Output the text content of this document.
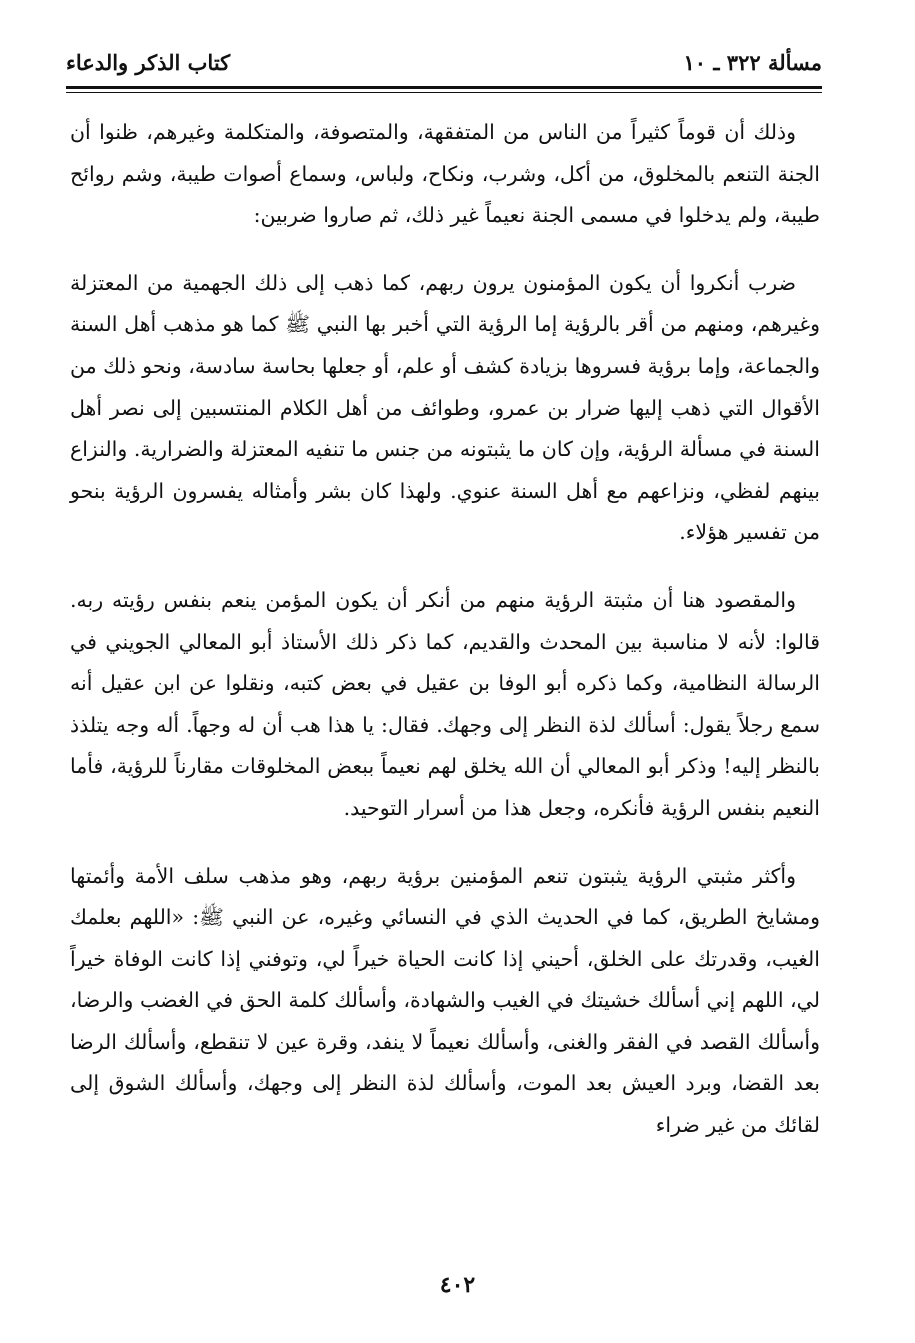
كتاب الذكر والدعاء	مسألة ٣٢٢ ـ ١٠

وذلك أن قوماً كثيراً من الناس من المتفقهة، والمتصوفة، والمتكلمة وغيرهم، ظنوا أن الجنة التنعم بالمخلوق، من أكل، وشرب، ونكاح، ولباس، وسماع أصوات طيبة، وشم روائح طيبة، ولم يدخلوا في مسمى الجنة نعيماً غير ذلك، ثم صاروا ضربين:

ضرب أنكروا أن يكون المؤمنون يرون ربهم، كما ذهب إلى ذلك الجهمية من المعتزلة وغيرهم، ومنهم من أقر بالرؤية إما الرؤية التي أخبر بها النبي ﷺ كما هو مذهب أهل السنة والجماعة، وإما برؤية فسروها بزيادة كشف أو علم، أو جعلها بحاسة سادسة، ونحو ذلك من الأقوال التي ذهب إليها ضرار بن عمرو، وطوائف من أهل الكلام المنتسبين إلى نصر أهل السنة في مسألة الرؤية، وإن كان ما يثبتونه من جنس ما تنفيه المعتزلة والضرارية. والنزاع بينهم لفظي، ونزاعهم مع أهل السنة عنوي. ولهذا كان بشر وأمثاله يفسرون الرؤية بنحو من تفسير هؤلاء.

والمقصود هنا أن مثبتة الرؤية منهم من أنكر أن يكون المؤمن ينعم بنفس رؤيته ربه. قالوا: لأنه لا مناسبة بين المحدث والقديم، كما ذكر ذلك الأستاذ أبو المعالي الجويني في الرسالة النظامية، وكما ذكره أبو الوفا بن عقيل في بعض كتبه، ونقلوا عن ابن عقيل أنه سمع رجلاً يقول: أسألك لذة النظر إلى وجهك. فقال: يا هذا هب أن له وجهاً. أله وجه يتلذذ بالنظر إليه! وذكر أبو المعالي أن الله يخلق لهم نعيماً ببعض المخلوقات مقارناً للرؤية، فأما النعيم بنفس الرؤية فأنكره، وجعل هذا من أسرار التوحيد.

وأكثر مثبتي الرؤية يثبتون تنعم المؤمنين برؤية ربهم، وهو مذهب سلف الأمة وأئمتها ومشايخ الطريق، كما في الحديث الذي في النسائي وغيره، عن النبي ﷺ: «اللهم بعلمك الغيب، وقدرتك على الخلق، أحيني إذا كانت الحياة خيراً لي، وتوفني إذا كانت الوفاة خيراً لي، اللهم إني أسألك خشيتك في الغيب والشهادة، وأسألك كلمة الحق في الغضب والرضا، وأسألك القصد في الفقر والغنى، وأسألك نعيماً لا ينفد، وقرة عين لا تنقطع، وأسألك الرضا بعد القضا، وبرد العيش بعد الموت، وأسألك لذة النظر إلى وجهك، وأسألك الشوق إلى لقائك من غير ضراء

٤٠٢
